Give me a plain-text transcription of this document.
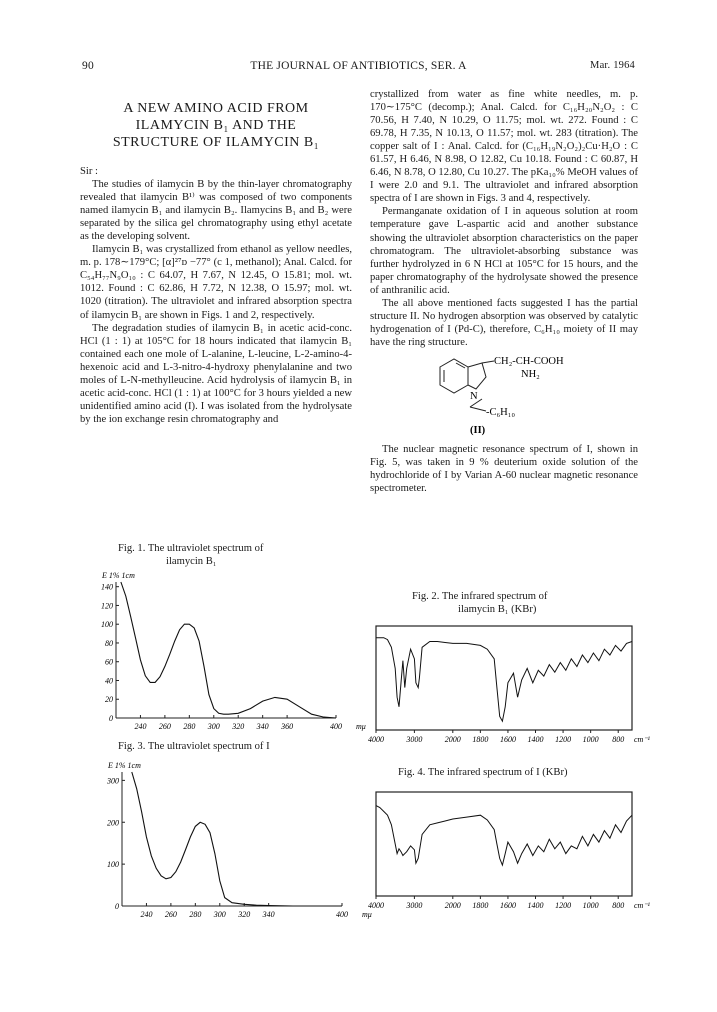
90	THE JOURNAL OF ANTIBIOTICS, SER. A	Mar. 1964
A NEW AMINO ACID FROM
ILAMYCIN B₁ AND THE
STRUCTURE OF ILAMYCIN B₁

Sir :

The studies of ilamycin B by the thin-layer chromatography revealed that ilamycin B¹⁾ was composed of two components named ilamycin B₁ and ilamycin B₂. Ilamycins B₁ and B₂ were separated by the silica gel chromatography using ethyl acetate as the developing solvent.

Ilamycin B₁ was crystallized from ethanol as yellow needles, m. p. 178∼179°C; [α]²⁷ᴅ −77° (c 1, methanol); Anal. Calcd. for C₅₄H₇₇N₉O₁₀ : C 64.07, H 7.67, N 12.45, O 15.81; mol. wt. 1012. Found : C 62.86, H 7.72, N 12.38, O 15.97; mol. wt. 1020 (titration). The ultraviolet and infrared absorption spectra of ilamycin B₁ are shown in Figs. 1 and 2, respectively.

The degradation studies of ilamycin B₁ in acetic acid-conc. HCl (1 : 1) at 105°C for 18 hours indicated that ilamycin B₁ contained each one mole of L-alanine, L-leucine, L-2-amino-4-hexenoic acid and L-3-nitro-4-hydroxy phenylalanine and two moles of L-N-methylleucine. Acid hydrolysis of ilamycin B₁ in acetic acid-conc. HCl (1 : 1) at 100°C for 3 hours yielded a new unidentified amino acid (I). I was isolated from the hydrolysate by the ion exchange resin chromatography and

crystallized from water as fine white needles, m. p. 170∼175°C (decomp.); Anal. Calcd. for C₁₆H₂₀N₂O₂ : C 70.56, H 7.40, N 10.29, O 11.75; mol. wt. 272. Found : C 69.78, H 7.35, N 10.13, O 11.57; mol. wt. 283 (titration). The copper salt of I : Anal. Calcd. for (C₁₆H₁₉N₂O₂)₂Cu·H₂O : C 61.57, H 6.46, N 8.98, O 12.82, Cu 10.18. Found : C 60.87, H 6.46, N 8.78, O 12.80, Cu 10.27. The pKa₁₀% MeOH values of I were 2.0 and 9.1. The ultraviolet and infrared absorption spectra of I are shown in Figs. 3 and 4, respectively.

Permanganate oxidation of I in aqueous solution at room temperature gave L-aspartic acid and another substance showing the ultraviolet absorption characteristics on the paper chromatogram. The ultraviolet-absorbing substance was further hydrolyzed in 6 N HCl at 105°C for 15 hours, and the paper chromatography of the hydrolysate showed the presence of anthranilic acid.

The all above mentioned facts suggested I has the partial structure II. No hydrogen absorption was observed by catalytic hydrogenation of I (Pd-C), therefore, C₆H₁₀ moiety of II may have the ring structure.

CH₂-CH-COOH
NH₂
N
-C₆H₁₀
(II)

The nuclear magnetic resonance spectrum of I, shown in Fig. 5, was taken in 9 % deuterium oxide solution of the hydrochloride of I by Varian A-60 nuclear magnetic resonance spectrometer.

Fig. 1. The ultraviolet spectrum of
ilamycin B₁
Fig. 2. The infrared spectrum of
ilamycin B₁ (KBr)
Fig. 3. The ultraviolet spectrum of I
Fig. 4. The infrared spectrum of I (KBr)
0
20
40
60
80
100
120
140
240 260 280 300 320 340 360	400 mμ
E 1% 1cm
4000	3000	2000 1800 1600 1400 1200 1000 800 cm⁻¹
0
100
200
300
240 260 280 300 320 340	400 mμ
E 1% 1cm
4000	3000	2000 1800 1600 1400 1200 1000 800 cm⁻¹
